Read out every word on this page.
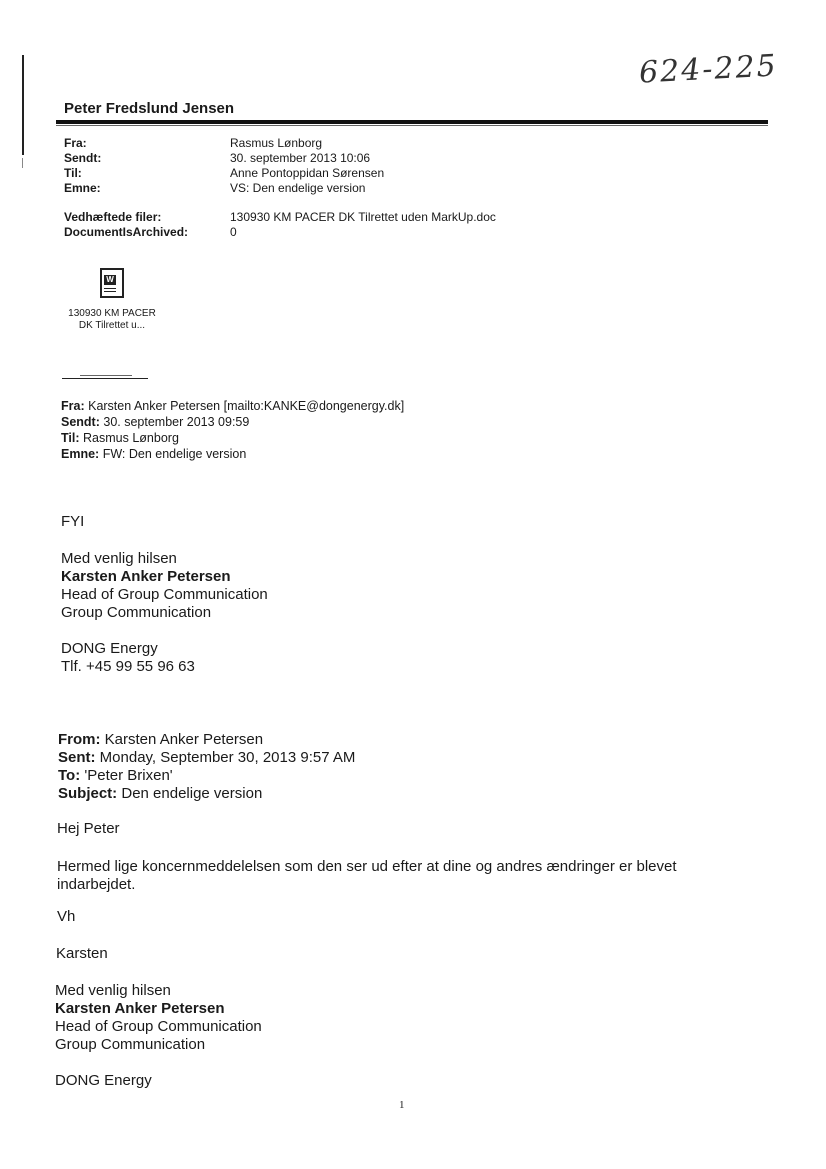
624-225
Peter Fredslund Jensen
Fra:	Rasmus Lønborg
Sendt:	30. september 2013 10:06
Til:	Anne Pontoppidan Sørensen
Emne:	VS: Den endelige version
Vedhæftede filer:	130930 KM PACER DK Tilrettet uden MarkUp.doc
DocumentIsArchived:	0
W
130930 KM PACER
DK Tilrettet u...
Fra: Karsten Anker Petersen [mailto:KANKE@dongenergy.dk]
Sendt: 30. september 2013 09:59
Til: Rasmus Lønborg
Emne: FW: Den endelige version
FYI
Med venlig hilsen
Karsten Anker Petersen
Head of Group Communication
Group Communication
DONG Energy
Tlf. +45 99 55 96 63
From: Karsten Anker Petersen
Sent: Monday, September 30, 2013 9:57 AM
To: 'Peter Brixen'
Subject: Den endelige version
Hej Peter
Hermed lige koncernmeddelelsen som den ser ud efter at dine og andres ændringer er blevet
indarbejdet.
Vh
Karsten
Med venlig hilsen
Karsten Anker Petersen
Head of Group Communication
Group Communication
DONG Energy
1
